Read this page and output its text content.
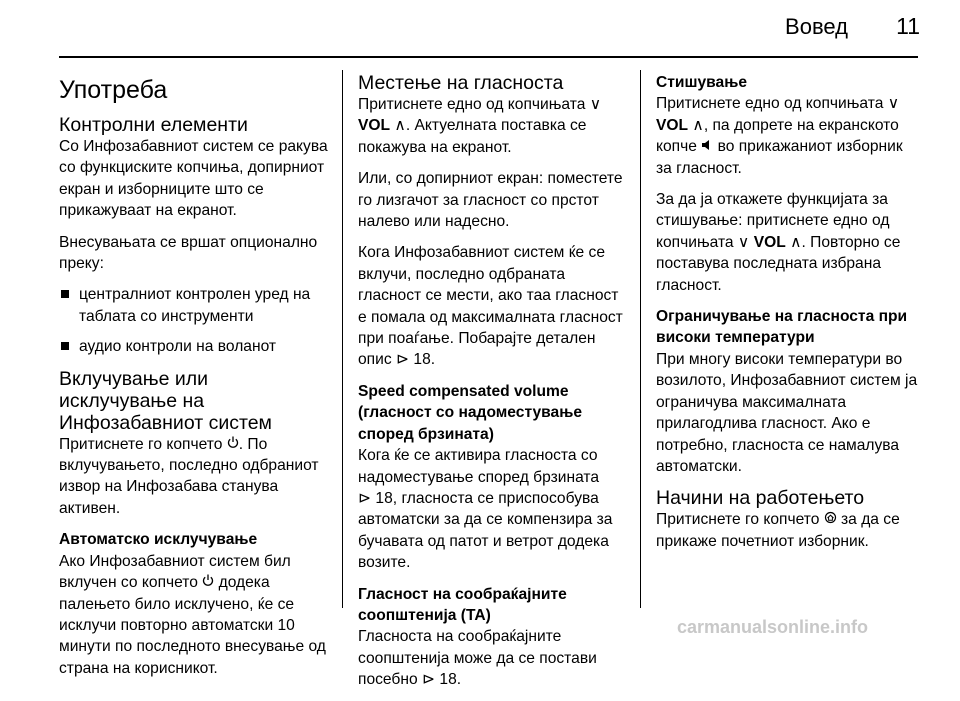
Вовед 11
Употреба
Контролни елементи

Со Инфозабавниот систем се ракува со функциските копчиња, допирниот екран и изборниците што се прикажуваат на екранот.

Внесувањата се вршат опционално преку:

централниот контролен уред на таблата со инструменти
аудио контроли на воланот
Вклучување или исклучување на Инфозабавниот систем

Притиснете го копчето . По вклучувањето, последно одбраниот извор на Инфозабава станува активен.

Автоматско исклучување

Ако Инфозабавниот систем бил вклучен со копчето  додека палењето било исклучено, ќе се исклучи повторно автоматски 10 минути по последното внесување од страна на корисникот.

Местење на гласноста

Притиснете едно од копчињата ∨ VOL ∧. Актуелната поставка се покажува на екранот.

Или, со допирниот екран: поместете го лизгачот за гласност со прстот налево или надесно.

Кога Инфозабавниот систем ќе се вклучи, последно одбраната гласност се мести, ако таа гласност е помала од максималната гласност при поаѓање. Побарајте детален опис ⊳ 18.

Speed compensated volume (гласност со надоместување според брзината)

Кога ќе се активира гласноста со надоместување според брзината
⊳ 18, гласноста се приспособува автоматски за да се компензира за бучавата од патот и ветрот додека возите.

Гласност на сообраќајните соопштенија (TA)

Гласноста на сообраќајните соопштенија може да се постави посебно ⊳ 18.

Стишување

Притиснете едно од копчињата ∨ VOL ∧, па допрете на екранското копче  во прикажаниот изборник за гласност.

За да ја откажете функцијата за стишување: притиснете едно од копчињата ∨ VOL ∧. Повторно се поставува последната избрана гласност.

Ограничување на гласноста при високи температури

При многу високи температури во возилото, Инфозабавниот систем ја ограничува максималната прилагодлива гласност. Ако е потребно, гласноста се намалува автоматски.

Начини на работењето

Притиснете го копчето  за да се прикаже почетниот изборник.

carmanualsonline.info
